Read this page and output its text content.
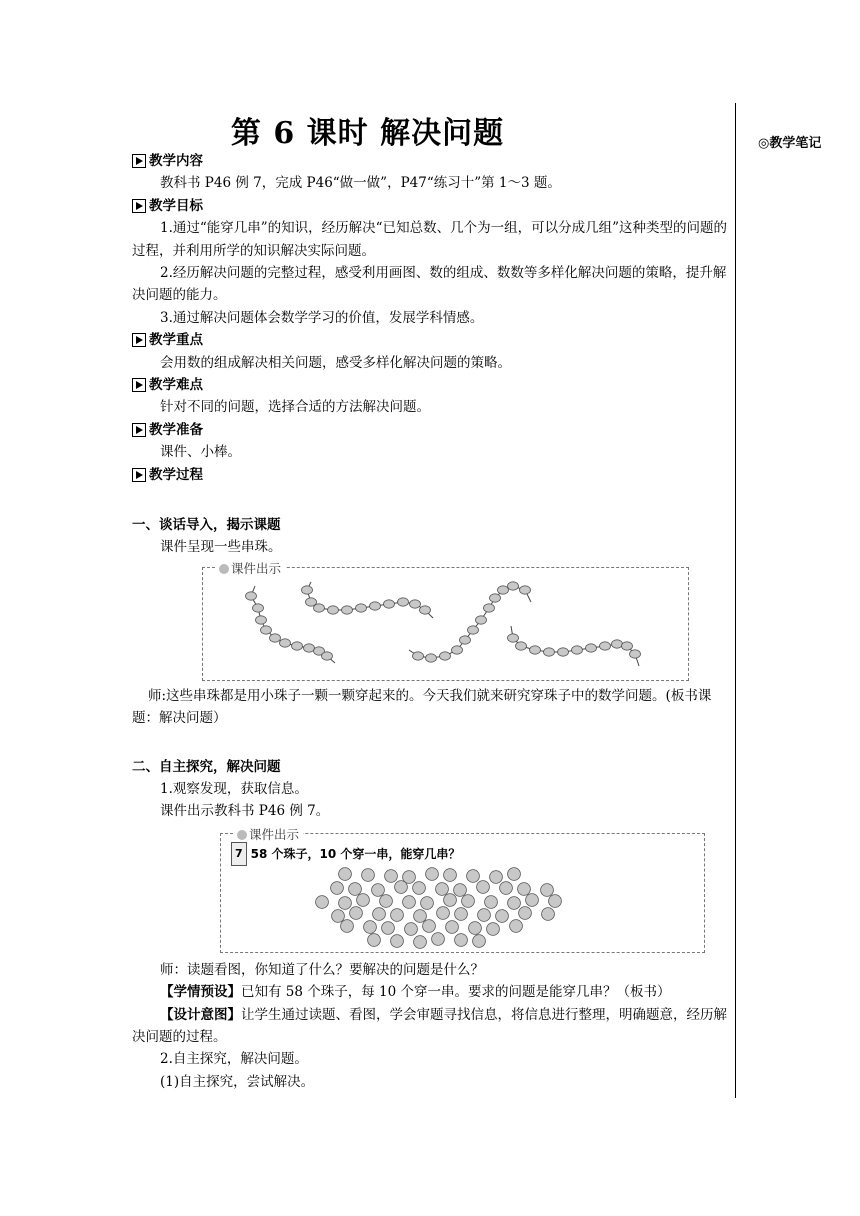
◎教学笔记
第 6 课时 解决问题
教学内容

教科书 P46 例 7，完成 P46“做一做”，P47“练习十”第 1～3 题。

教学目标

1.通过“能穿几串”的知识，经历解决“已知总数、几个为一组，可以分成几组”这种类型的问题的过程，并利用所学的知识解决实际问题。

2.经历解决问题的完整过程，感受利用画图、数的组成、数数等多样化解决问题的策略，提升解决问题的能力。

3.通过解决问题体会数学学习的价值，发展学科情感。

教学重点

会用数的组成解决相关问题，感受多样化解决问题的策略。

教学难点

针对不同的问题，选择合适的方法解决问题。

教学准备

课件、小棒。

教学过程

一、谈话导入，揭示课题

课件呈现一些串珠。

课件出示

师:这些串珠都是用小珠子一颗一颗穿起来的。今天我们就来研究穿珠子中的数学问题。(板书课题：解决问题）

二、自主探究，解决问题

1.观察发现，获取信息。

课件出示教科书 P46 例 7。

课件出示
7 58 个珠子，10 个穿一串，能穿几串？

师：读题看图，你知道了什么？要解决的问题是什么？

【学情预设】已知有 58 个珠子，每 10 个穿一串。要求的问题是能穿几串？（板书）

【设计意图】让学生通过读题、看图，学会审题寻找信息，将信息进行整理，明确题意，经历解决问题的过程。

2.自主探究，解决问题。

(1)自主探究，尝试解决。
